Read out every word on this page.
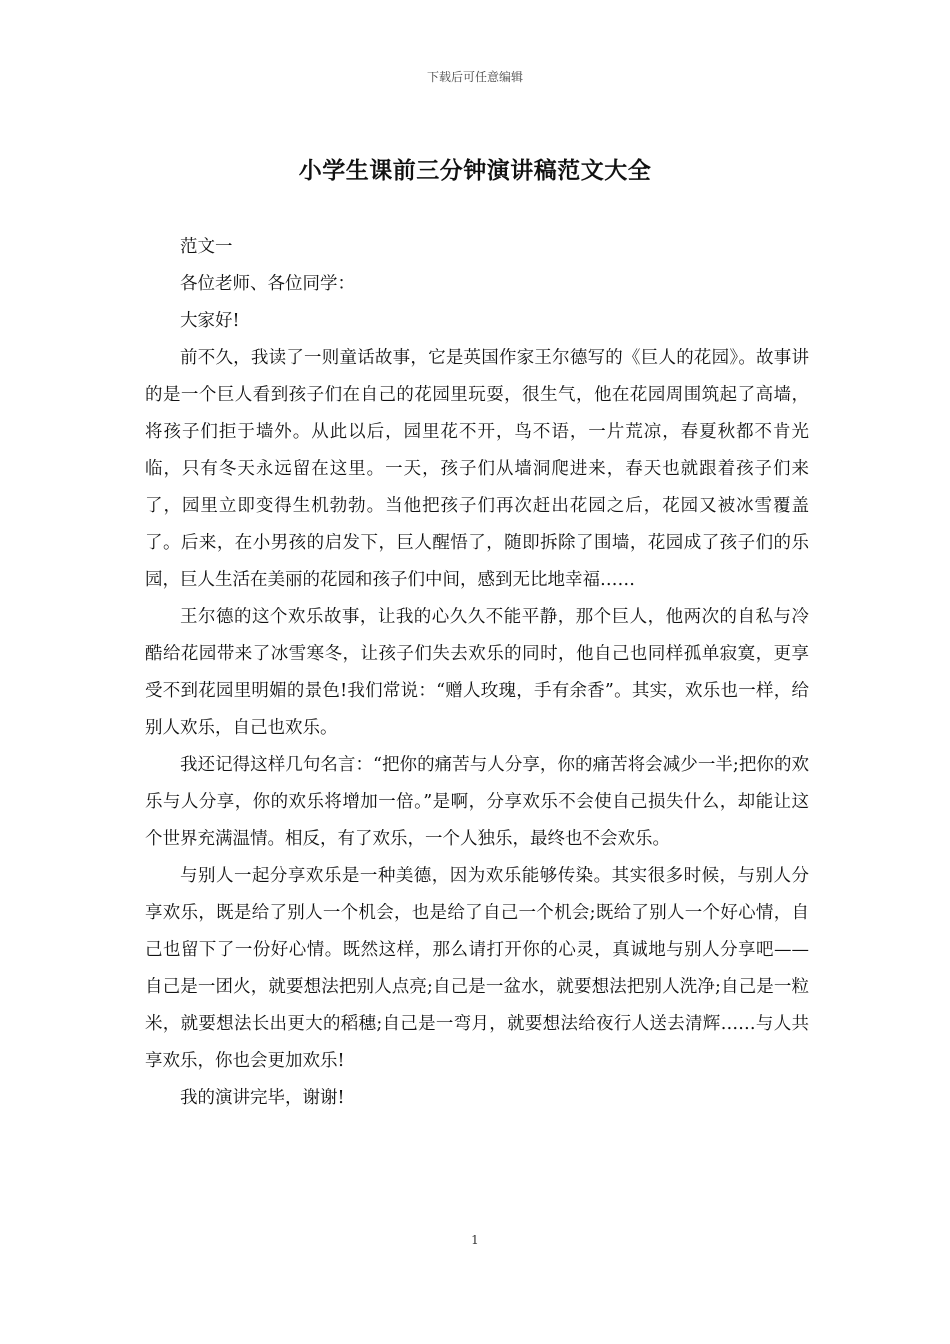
下载后可任意编辑
小学生课前三分钟演讲稿范文大全

范文一

各位老师、各位同学：

大家好!

前不久，我读了一则童话故事，它是英国作家王尔德写的《巨人的花园》。故事讲的是一个巨人看到孩子们在自己的花园里玩耍，很生气，他在花园周围筑起了高墙，将孩子们拒于墙外。从此以后，园里花不开，鸟不语，一片荒凉，春夏秋都不肯光临，只有冬天永远留在这里。一天，孩子们从墙洞爬进来，春天也就跟着孩子们来了，园里立即变得生机勃勃。当他把孩子们再次赶出花园之后，花园又被冰雪覆盖了。后来，在小男孩的启发下，巨人醒悟了，随即拆除了围墙，花园成了孩子们的乐园，巨人生活在美丽的花园和孩子们中间，感到无比地幸福……

王尔德的这个欢乐故事，让我的心久久不能平静，那个巨人，他两次的自私与冷酷给花园带来了冰雪寒冬，让孩子们失去欢乐的同时，他自己也同样孤单寂寞，更享受不到花园里明媚的景色!我们常说：“赠人玫瑰，手有余香”。其实，欢乐也一样，给别人欢乐，自己也欢乐。

我还记得这样几句名言：“把你的痛苦与人分享，你的痛苦将会减少一半;把你的欢乐与人分享，你的欢乐将增加一倍。”是啊，分享欢乐不会使自己损失什么，却能让这个世界充满温情。相反，有了欢乐，一个人独乐，最终也不会欢乐。

与别人一起分享欢乐是一种美德，因为欢乐能够传染。其实很多时候，与别人分享欢乐，既是给了别人一个机会，也是给了自己一个机会;既给了别人一个好心情，自己也留下了一份好心情。既然这样，那么请打开你的心灵，真诚地与别人分享吧——自己是一团火，就要想法把别人点亮;自己是一盆水，就要想法把别人洗净;自己是一粒米，就要想法长出更大的稻穗;自己是一弯月，就要想法给夜行人送去清辉……与人共享欢乐，你也会更加欢乐!

我的演讲完毕，谢谢!

1
